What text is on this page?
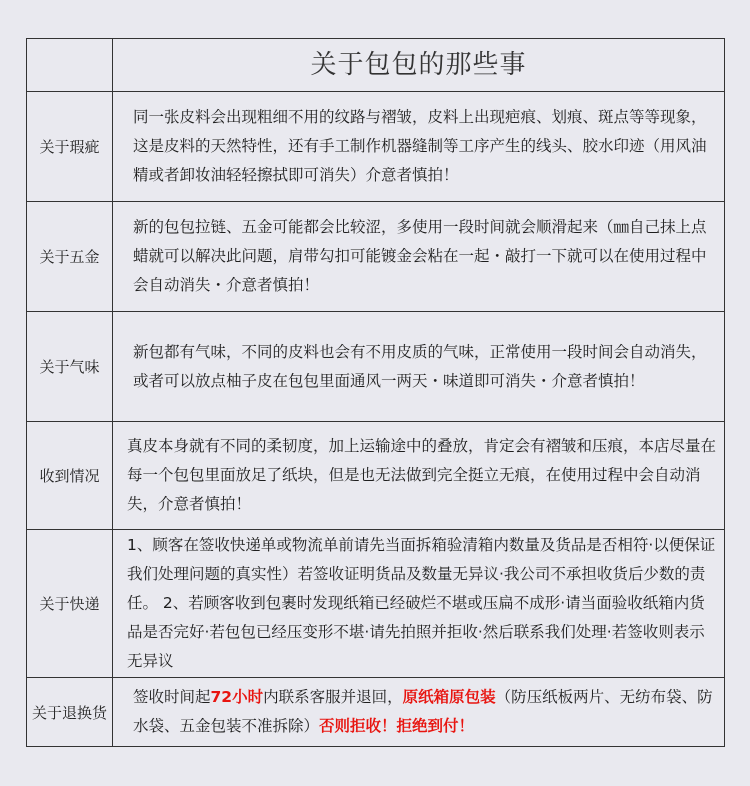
关于包包的那些事
关于瑕疵

同一张皮料会出现粗细不用的纹路与褶皱，皮料上出现疤痕、划痕、斑点等等现象，这是皮料的天然特性，还有手工制作机器缝制等工序产生的线头、胶水印迹（用风油精或者卸妆油轻轻擦拭即可消失）介意者慎拍！

关于五金

新的包包拉链、五金可能都会比较涩，多使用一段时间就会顺滑起来（㎜自己抹上点蜡就可以解决此问题，肩带勾扣可能镀金会粘在一起・敲打一下就可以在使用过程中会自动消失・介意者慎拍！

关于气味

新包都有气味，不同的皮料也会有不用皮质的气味，正常使用一段时间会自动消失，或者可以放点柚子皮在包包里面通风一两天・味道即可消失・介意者慎拍！

收到情况

真皮本身就有不同的柔韧度，加上运输途中的叠放，肯定会有褶皱和压痕，本店尽量在每一个包包里面放足了纸块，但是也无法做到完全挺立无痕，在使用过程中会自动消失，介意者慎拍！

关于快递

1、顾客在签收快递单或物流单前请先当面拆箱验清箱内数量及货品是否相符·以便保证我们处理问题的真实性）若签收证明货品及数量无异议·我公司不承担收货后少数的责任。 2、若顾客收到包裹时发现纸箱已经破烂不堪或压扁不成形·请当面验收纸箱内货品是否完好·若包包已经压变形不堪·请先拍照并拒收·然后联系我们处理·若签收则表示无异议

关于退换货

签收时间起72小时内联系客服并退回，原纸箱原包装（防压纸板两片、无纺布袋、防水袋、五金包装不准拆除）否则拒收！拒绝到付！
